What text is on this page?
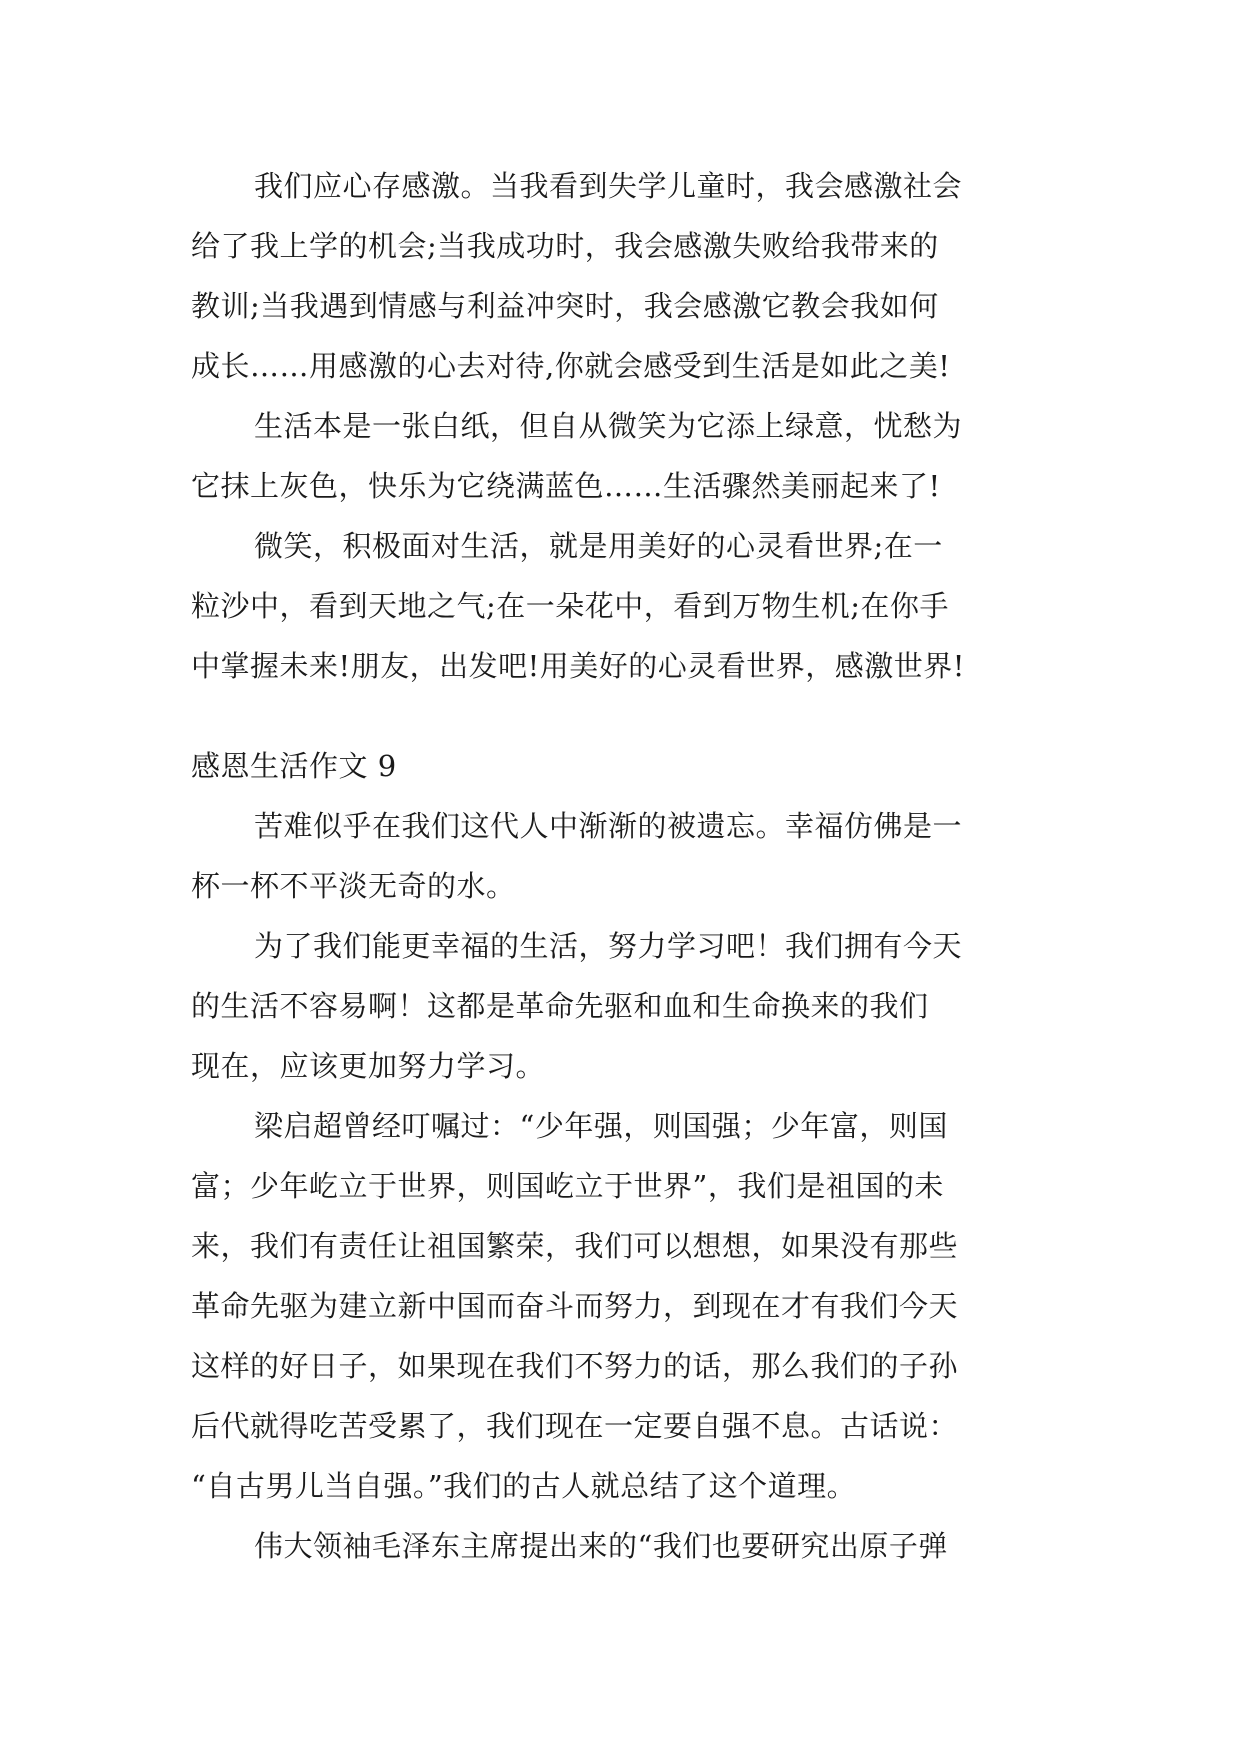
我们应心存感激。当我看到失学儿童时，我会感激社会
给了我上学的机会;当我成功时，我会感激失败给我带来的
教训;当我遇到情感与利益冲突时，我会感激它教会我如何
成长……用感激的心去对待,你就会感受到生活是如此之美!
生活本是一张白纸，但自从微笑为它添上绿意，忧愁为
它抹上灰色，快乐为它绕满蓝色……生活骤然美丽起来了!
微笑，积极面对生活，就是用美好的心灵看世界;在一
粒沙中，看到天地之气;在一朵花中，看到万物生机;在你手
中掌握未来!朋友，出发吧!用美好的心灵看世界，感激世界!
感恩生活作文 9
苦难似乎在我们这代人中渐渐的被遗忘。幸福仿佛是一
杯一杯不平淡无奇的水。
为了我们能更幸福的生活，努力学习吧！我们拥有今天
的生活不容易啊！这都是革命先驱和血和生命换来的我们
现在，应该更加努力学习。
梁启超曾经叮嘱过：“少年强，则国强；少年富，则国
富；少年屹立于世界，则国屹立于世界”，我们是祖国的未
来，我们有责任让祖国繁荣，我们可以想想，如果没有那些
革命先驱为建立新中国而奋斗而努力，到现在才有我们今天
这样的好日子，如果现在我们不努力的话，那么我们的子孙
后代就得吃苦受累了，我们现在一定要自强不息。古话说：
“自古男儿当自强。”我们的古人就总结了这个道理。
伟大领袖毛泽东主席提出来的“我们也要研究出原子弹
